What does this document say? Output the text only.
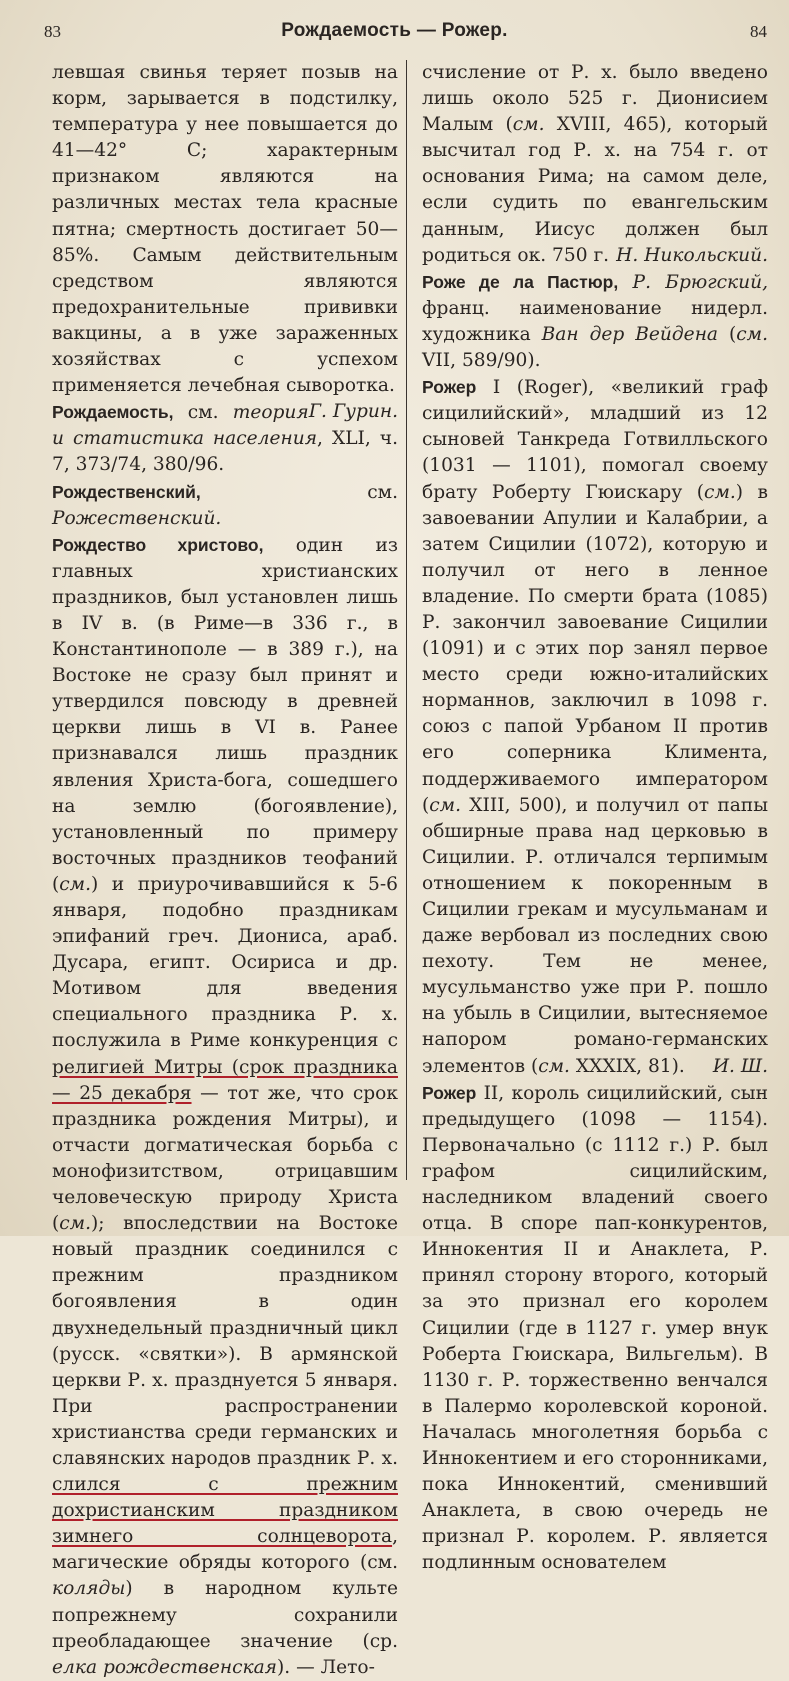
83	Рождаемость — Рожер.	84

левшая свинья теряет позыв на корм, зарывается в подстилку, температура у нее повышается до 41—42° С; характерным признаком являются на различных местах тела красные пятна; смертность достигает 50—85%. Самым действительным средством являются предохранительные прививки вакцины, а в уже зараженных хозяйствах с успехом применяется лечебная сыворотка.
Г. Гурин.

Рождаемость, см. теория и статистика населения, XLI, ч. 7, 373/74, 380/96.

Рождественский, см. Рожественский.

Рождество христово, один из главных христианских праздников, был установлен лишь в IV в. (в Риме—в 336 г., в Константинополе — в 389 г.), на Востоке не сразу был принят и утвердился повсюду в древней церкви лишь в VI в. Ранее признавался лишь праздник явления Христа-бога, сошедшего на землю (богоявление), установленный по примеру восточных праздников теофаний (см.) и приурочивавшийся к 5-6 января, подобно праздникам эпифаний греч. Диониса, араб. Дусара, египт. Осириса и др. Мотивом для введения специального праздника Р. х. послужила в Риме конкуренция с религией Митры (срок праздника — 25 декабря — тот же, что срок праздника рождения Митры), и отчасти догматическая борьба с монофизитством, отрицавшим человеческую природу Христа (см.); впоследствии на Востоке новый праздник соединился с прежним праздником богоявления в один двухнедельный праздничный цикл (русск. «святки»). В армянской церкви Р. х. празднуется 5 января. При распространении христианства среди германских и славянских народов праздник Р. х. слился с прежним дохристианским праздником зимнего солнцеворота, магические обряды которого (см. коляды) в народном культе попрежнему сохранили преобладающее значение (ср. елка рождественская). — Лето-

счисление от Р. х. было введено лишь около 525 г. Дионисием Малым (см. XVIII, 465), который высчитал год Р. х. на 754 г. от основания Рима; на самом деле, если судить по евангельским данным, Иисус должен был родиться ок. 750 г. Н. Никольский.

Роже де ла Пастюр, Р. Брюгский, франц. наименование нидерл. художника Ван дер Вейдена (см. VII, 589/90).

Рожер I (Roger), «великий граф сицилийский», младший из 12 сыновей Танкреда Готвилльского (1031 — 1101), помогал своему брату Роберту Гюискару (см.) в завоевании Апулии и Калабрии, а затем Сицилии (1072), которую и получил от него в ленное владение. По смерти брата (1085) Р. закончил завоевание Сицилии (1091) и с этих пор занял первое место среди южно-италийских норманнов, заключил в 1098 г. союз с папой Урбаном II против его соперника Климента, поддерживаемого императором (см. XIII, 500), и получил от папы обширные права над церковью в Сицилии. Р. отличался терпимым отношением к покоренным в Сицилии грекам и мусульманам и даже вербовал из последних свою пехоту. Тем не менее, мусульманство уже при Р. пошло на убыль в Сицилии, вытесняемое напором романо-германских элементов (см. XXXIX, 81). И. Ш.

Рожер II, король сицилийский, сын предыдущего (1098 — 1154). Первоначально (с 1112 г.) Р. был графом сицилийским, наследником владений своего отца. В споре пап-конкурентов, Иннокентия II и Анаклета, Р. принял сторону второго, который за это признал его королем Сицилии (где в 1127 г. умер внук Роберта Гюискара, Вильгельм). В 1130 г. Р. торжественно венчался в Палермо королевской короной. Началась многолетняя борьба с Иннокентием и его сторонниками, пока Иннокентий, сменивший Анаклета, в свою очередь не признал Р. королем. Р. является подлинным основателем
